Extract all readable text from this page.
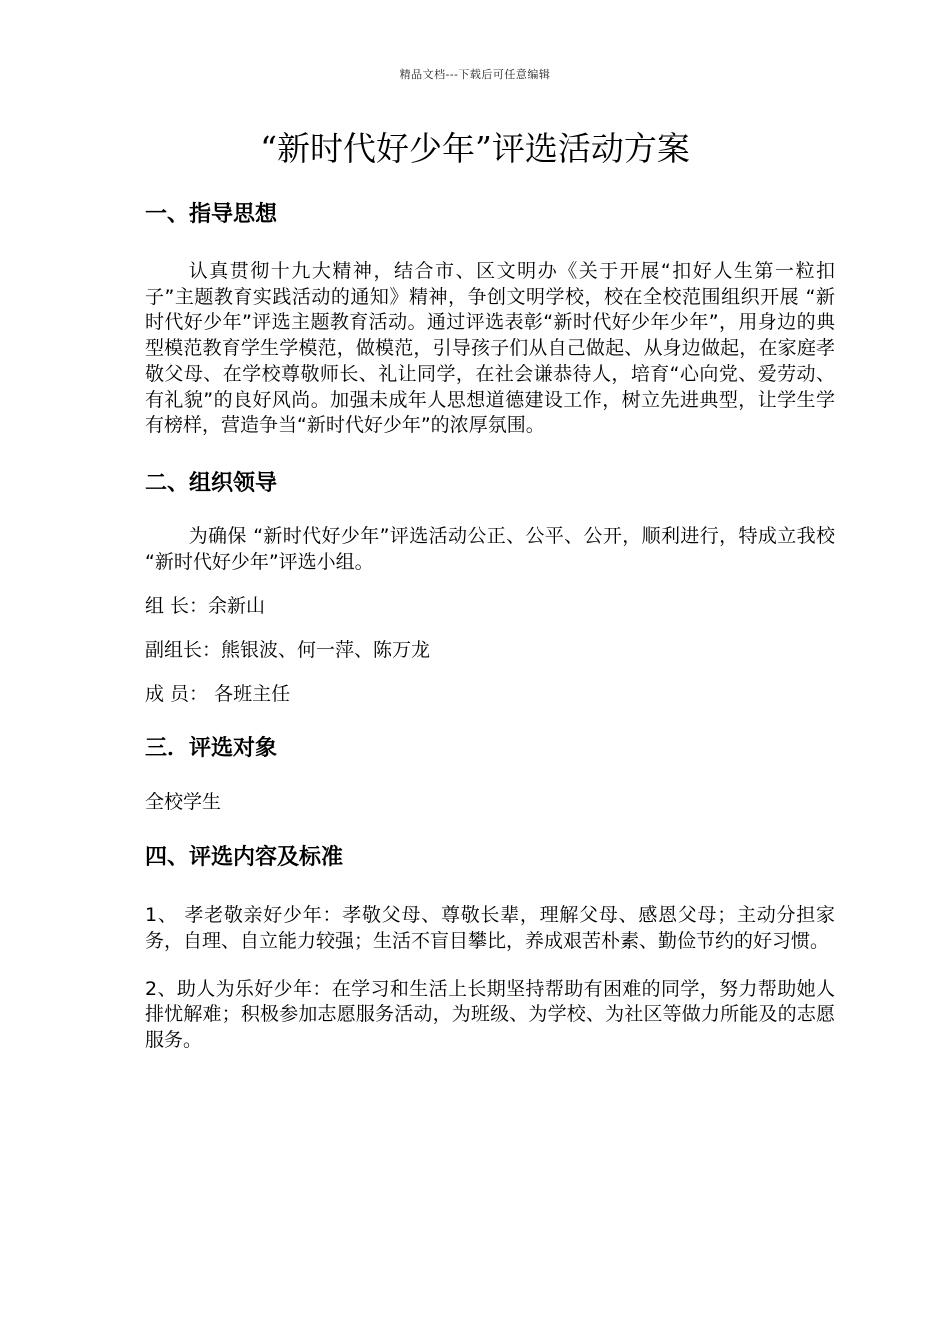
精品文档---下载后可任意编辑
“新时代好少年”评选活动方案
一、指导思想

认真贯彻十九大精神，结合市、区文明办《关于开展“扣好人生第一粒扣子”主题教育实践活动的通知》精神，争创文明学校，校在全校范围组织开展 “新时代好少年”评选主题教育活动。通过评选表彰“新时代好少年少年”，用身边的典型模范教育学生学模范，做模范，引导孩子们从自己做起、从身边做起，在家庭孝敬父母、在学校尊敬师长、礼让同学，在社会谦恭待人，培育“心向党、爱劳动、有礼貌”的良好风尚。加强未成年人思想道德建设工作，树立先进典型，让学生学有榜样，营造争当“新时代好少年”的浓厚氛围。

二、组织领导

为确保 “新时代好少年”评选活动公正、公平、公开，顺利进行，特成立我校 “新时代好少年”评选小组。

组 长：余新山

副组长：熊银波、何一萍、陈万龙

成 员： 各班主任

三．评选对象

全校学生

四、评选内容及标准

1、 孝老敬亲好少年：孝敬父母、尊敬长辈，理解父母、感恩父母；主动分担家务，自理、自立能力较强；生活不盲目攀比，养成艰苦朴素、勤俭节约的好习惯。

2、助人为乐好少年：在学习和生活上长期坚持帮助有困难的同学，努力帮助她人排忧解难；积极参加志愿服务活动，为班级、为学校、为社区等做力所能及的志愿服务。
